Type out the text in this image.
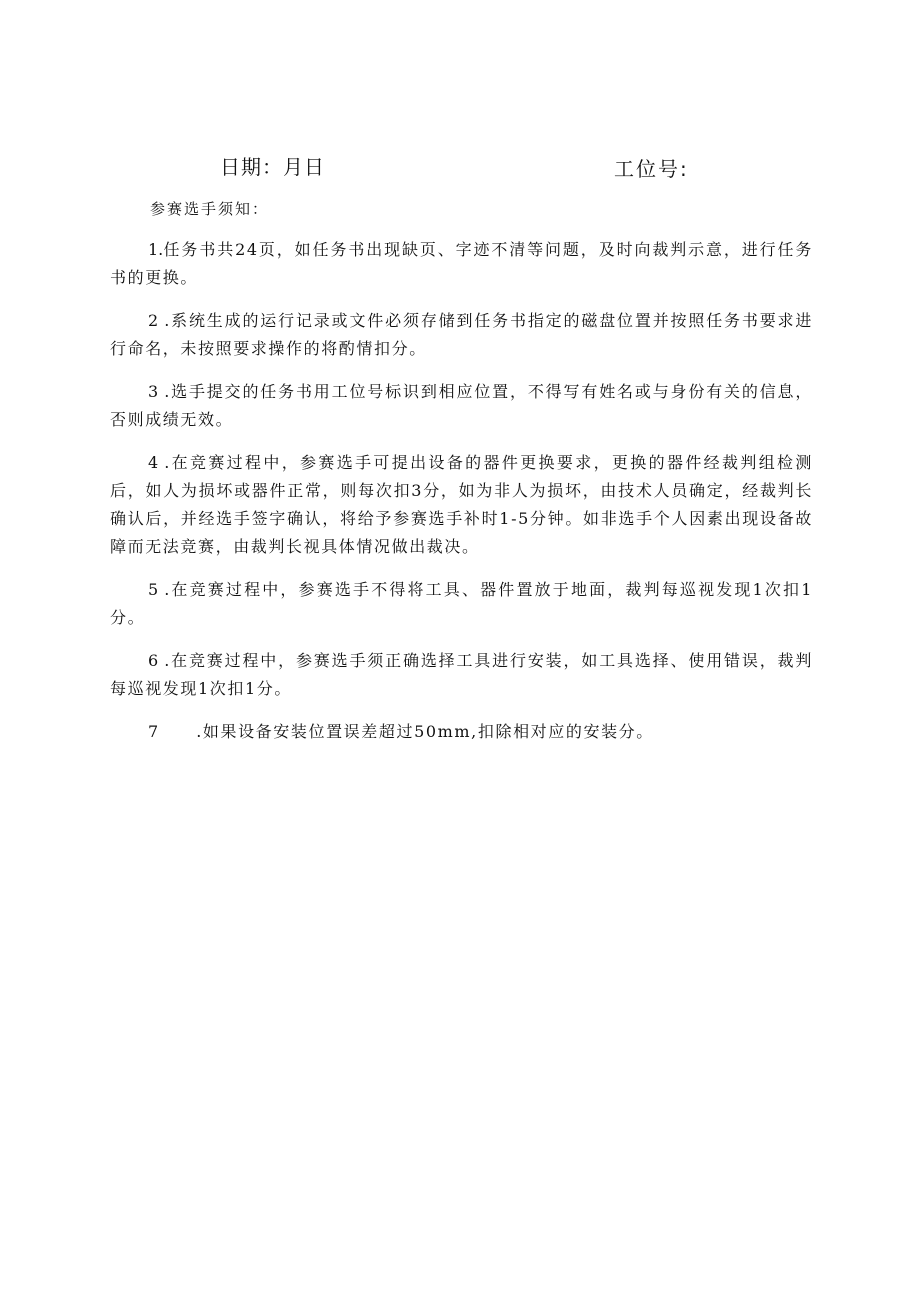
日期：月日	工位号:
参赛选手须知：

1.任务书共24页，如任务书出现缺页、字迹不清等问题，及时向裁判示意，进行任务书的更换。

2 .系统生成的运行记录或文件必须存储到任务书指定的磁盘位置并按照任务书要求进行命名，未按照要求操作的将酌情扣分。

3 .选手提交的任务书用工位号标识到相应位置，不得写有姓名或与身份有关的信息，否则成绩无效。

4 .在竞赛过程中，参赛选手可提出设备的器件更换要求，更换的器件经裁判组检测后，如人为损坏或器件正常，则每次扣3分，如为非人为损坏，由技术人员确定，经裁判长确认后，并经选手签字确认，将给予参赛选手补时1-5分钟。如非选手个人因素出现设备故障而无法竞赛，由裁判长视具体情况做出裁决。

5 .在竞赛过程中，参赛选手不得将工具、器件置放于地面，裁判每巡视发现1次扣1分。

6 .在竞赛过程中，参赛选手须正确选择工具进行安装，如工具选择、使用错误，裁判每巡视发现1次扣1分。

7 .如果设备安装位置误差超过50mm,扣除相对应的安装分。
